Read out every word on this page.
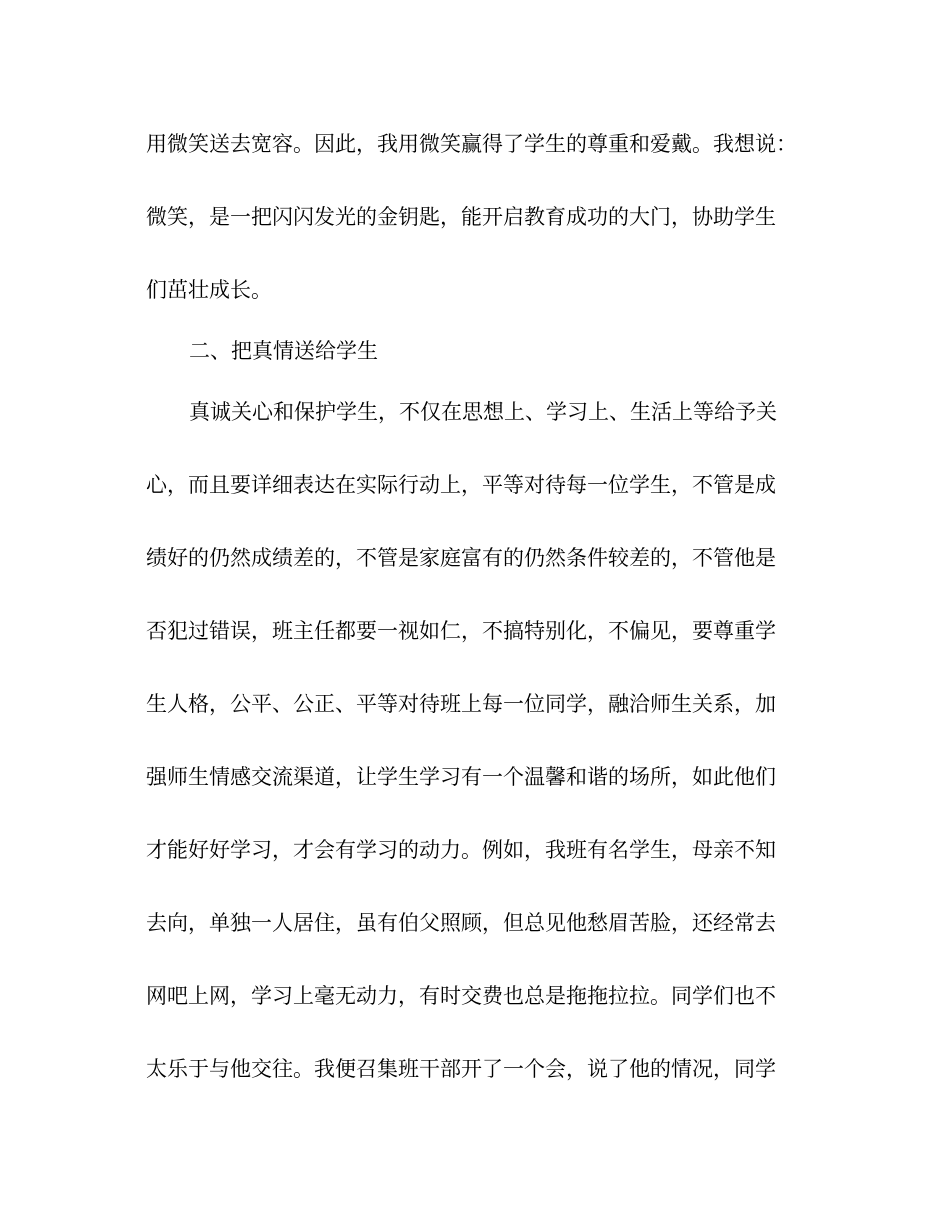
用微笑送去宽容。因此，我用微笑赢得了学生的尊重和爱戴。我想说：
微笑，是一把闪闪发光的金钥匙，能开启教育成功的大门，协助学生
们茁壮成长。
二、把真情送给学生
真诚关心和保护学生，不仅在思想上、学习上、生活上等给予关
心，而且要详细表达在实际行动上，平等对待每一位学生，不管是成
绩好的仍然成绩差的，不管是家庭富有的仍然条件较差的，不管他是
否犯过错误，班主任都要一视如仁，不搞特别化，不偏见，要尊重学
生人格，公平、公正、平等对待班上每一位同学，融洽师生关系，加
强师生情感交流渠道，让学生学习有一个温馨和谐的场所，如此他们
才能好好学习，才会有学习的动力。例如，我班有名学生，母亲不知
去向，单独一人居住，虽有伯父照顾，但总见他愁眉苦脸，还经常去
网吧上网，学习上毫无动力，有时交费也总是拖拖拉拉。同学们也不
太乐于与他交往。我便召集班干部开了一个会，说了他的情况，同学
